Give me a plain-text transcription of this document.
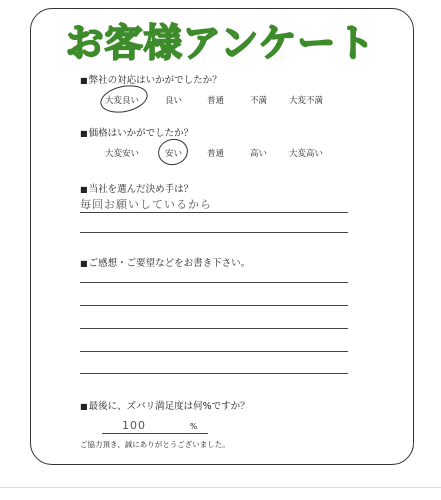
お客様アンケート
■弊社の対応はいかがでしたか？
大変良い	良い	普通	不満	大変不満
■価格はいかがでしたか？
大変安い	安い	普通	高い	大変高い
■当社を選んだ決め手は？
毎回お願いしているから
■ご感想・ご要望などをお書き下さい。
■最後に、ズバリ満足度は何%ですか？
100	%
ご協力頂き、誠にありがとうございました。
